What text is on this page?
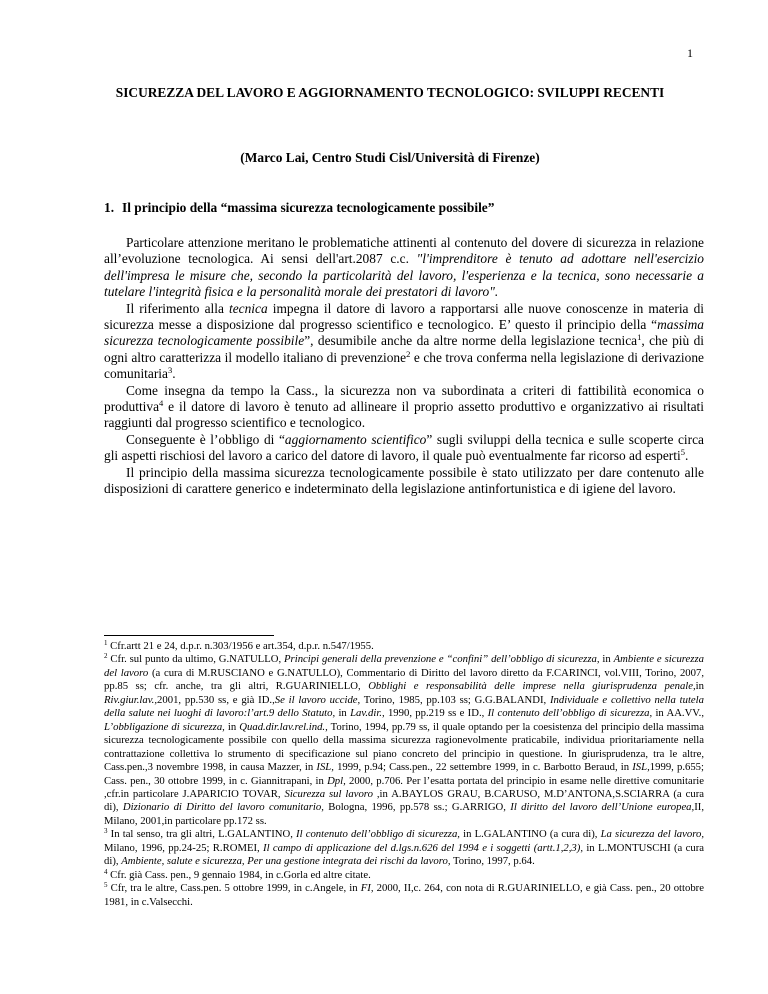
1
SICUREZZA DEL LAVORO E AGGIORNAMENTO TECNOLOGICO: SVILUPPI RECENTI
(Marco Lai, Centro Studi Cisl/Università di Firenze)
1. Il principio della “massima sicurezza tecnologicamente possibile”

Particolare attenzione meritano le problematiche attinenti al contenuto del dovere di sicurezza in relazione all’evoluzione tecnologica. Ai sensi dell'art.2087 c.c. "l'imprenditore è tenuto ad adottare nell'esercizio dell'impresa le misure che, secondo la particolarità del lavoro, l'esperienza e la tecnica, sono necessarie a tutelare l'integrità fisica e la personalità morale dei prestatori di lavoro".

Il riferimento alla tecnica impegna il datore di lavoro a rapportarsi alle nuove conoscenze in materia di sicurezza messe a disposizione dal progresso scientifico e tecnologico. E’ questo il principio della “massima sicurezza tecnologicamente possibile”, desumibile anche da altre norme della legislazione tecnica$^1$, che più di ogni altro caratterizza il modello italiano di prevenzione$^2$ e che trova conferma nella legislazione di derivazione comunitaria$^3$.

Come insegna da tempo la Cass., la sicurezza non va subordinata a criteri di fattibilità economica o produttiva$^4$ e il datore di lavoro è tenuto ad allineare il proprio assetto produttivo e organizzativo ai risultati raggiunti dal progresso scientifico e tecnologico.

Conseguente è l’obbligo di “aggiornamento scientifico” sugli sviluppi della tecnica e sulle scoperte circa gli aspetti rischiosi del lavoro a carico del datore di lavoro, il quale può eventualmente far ricorso ad esperti$^5$.

Il principio della massima sicurezza tecnologicamente possibile è stato utilizzato per dare contenuto alle disposizioni di carattere generico e indeterminato della legislazione antinfortunistica e di igiene del lavoro.

$^1$ Cfr.artt 21 e 24, d.p.r. n.303/1956 e art.354, d.p.r. n.547/1955.

$^2$ Cfr. sul punto da ultimo, G.NATULLO, Principi generali della prevenzione e “confini” dell’obbligo di sicurezza, in Ambiente e sicurezza del lavoro (a cura di M.RUSCIANO e G.NATULLO), Commentario di Diritto del lavoro diretto da F.CARINCI, vol.VIII, Torino, 2007, pp.85 ss; cfr. anche, tra gli altri, R.GUARINIELLO, Obblighi e responsabilità delle imprese nella giurisprudenza penale,in Riv.giur.lav.,2001, pp.530 ss, e già ID.,Se il lavoro uccide, Torino, 1985, pp.103 ss; G.G.BALANDI, Individuale e collettivo nella tutela della salute nei luoghi di lavoro:l’art.9 dello Statuto, in Lav.dir., 1990, pp.219 ss e ID., Il contenuto dell’obbligo di sicurezza, in AA.VV., L’obbligazione di sicurezza, in Quad.dir.lav.rel.ind., Torino, 1994, pp.79 ss, il quale optando per la coesistenza del principio della massima sicurezza tecnologicamente possibile con quello della massima sicurezza ragionevolmente praticabile, individua prioritariamente nella contrattazione collettiva lo strumento di specificazione sul piano concreto del principio in questione. In giurisprudenza, tra le altre, Cass.pen.,3 novembre 1998, in causa Mazzer, in ISL, 1999, p.94; Cass.pen., 22 settembre 1999, in c. Barbotto Beraud, in ISL,1999, p.655; Cass. pen., 30 ottobre 1999, in c. Giannitrapani, in Dpl, 2000, p.706. Per l’esatta portata del principio in esame nelle direttive comunitarie ,cfr.in particolare J.APARICIO TOVAR, Sicurezza sul lavoro ,in A.BAYLOS GRAU, B.CARUSO, M.D’ANTONA,S.SCIARRA (a cura di), Dizionario di Diritto del lavoro comunitario, Bologna, 1996, pp.578 ss.; G.ARRIGO, Il diritto del lavoro dell’Unione europea,II, Milano, 2001,in particolare pp.172 ss.

$^3$ In tal senso, tra gli altri, L.GALANTINO, Il contenuto dell’obbligo di sicurezza, in L.GALANTINO (a cura di), La sicurezza del lavoro, Milano, 1996, pp.24-25; R.ROMEI, Il campo di applicazione del d.lgs.n.626 del 1994 e i soggetti (artt.1,2,3), in L.MONTUSCHI (a cura di), Ambiente, salute e sicurezza, Per una gestione integrata dei rischi da lavoro, Torino, 1997, p.64.

$^4$ Cfr. già Cass. pen., 9 gennaio 1984, in c.Gorla ed altre citate.

$^5$ Cfr, tra le altre, Cass.pen. 5 ottobre 1999, in c.Angele, in FI, 2000, II,c. 264, con nota di R.GUARINIELLO, e già Cass. pen., 20 ottobre 1981, in c.Valsecchi.
